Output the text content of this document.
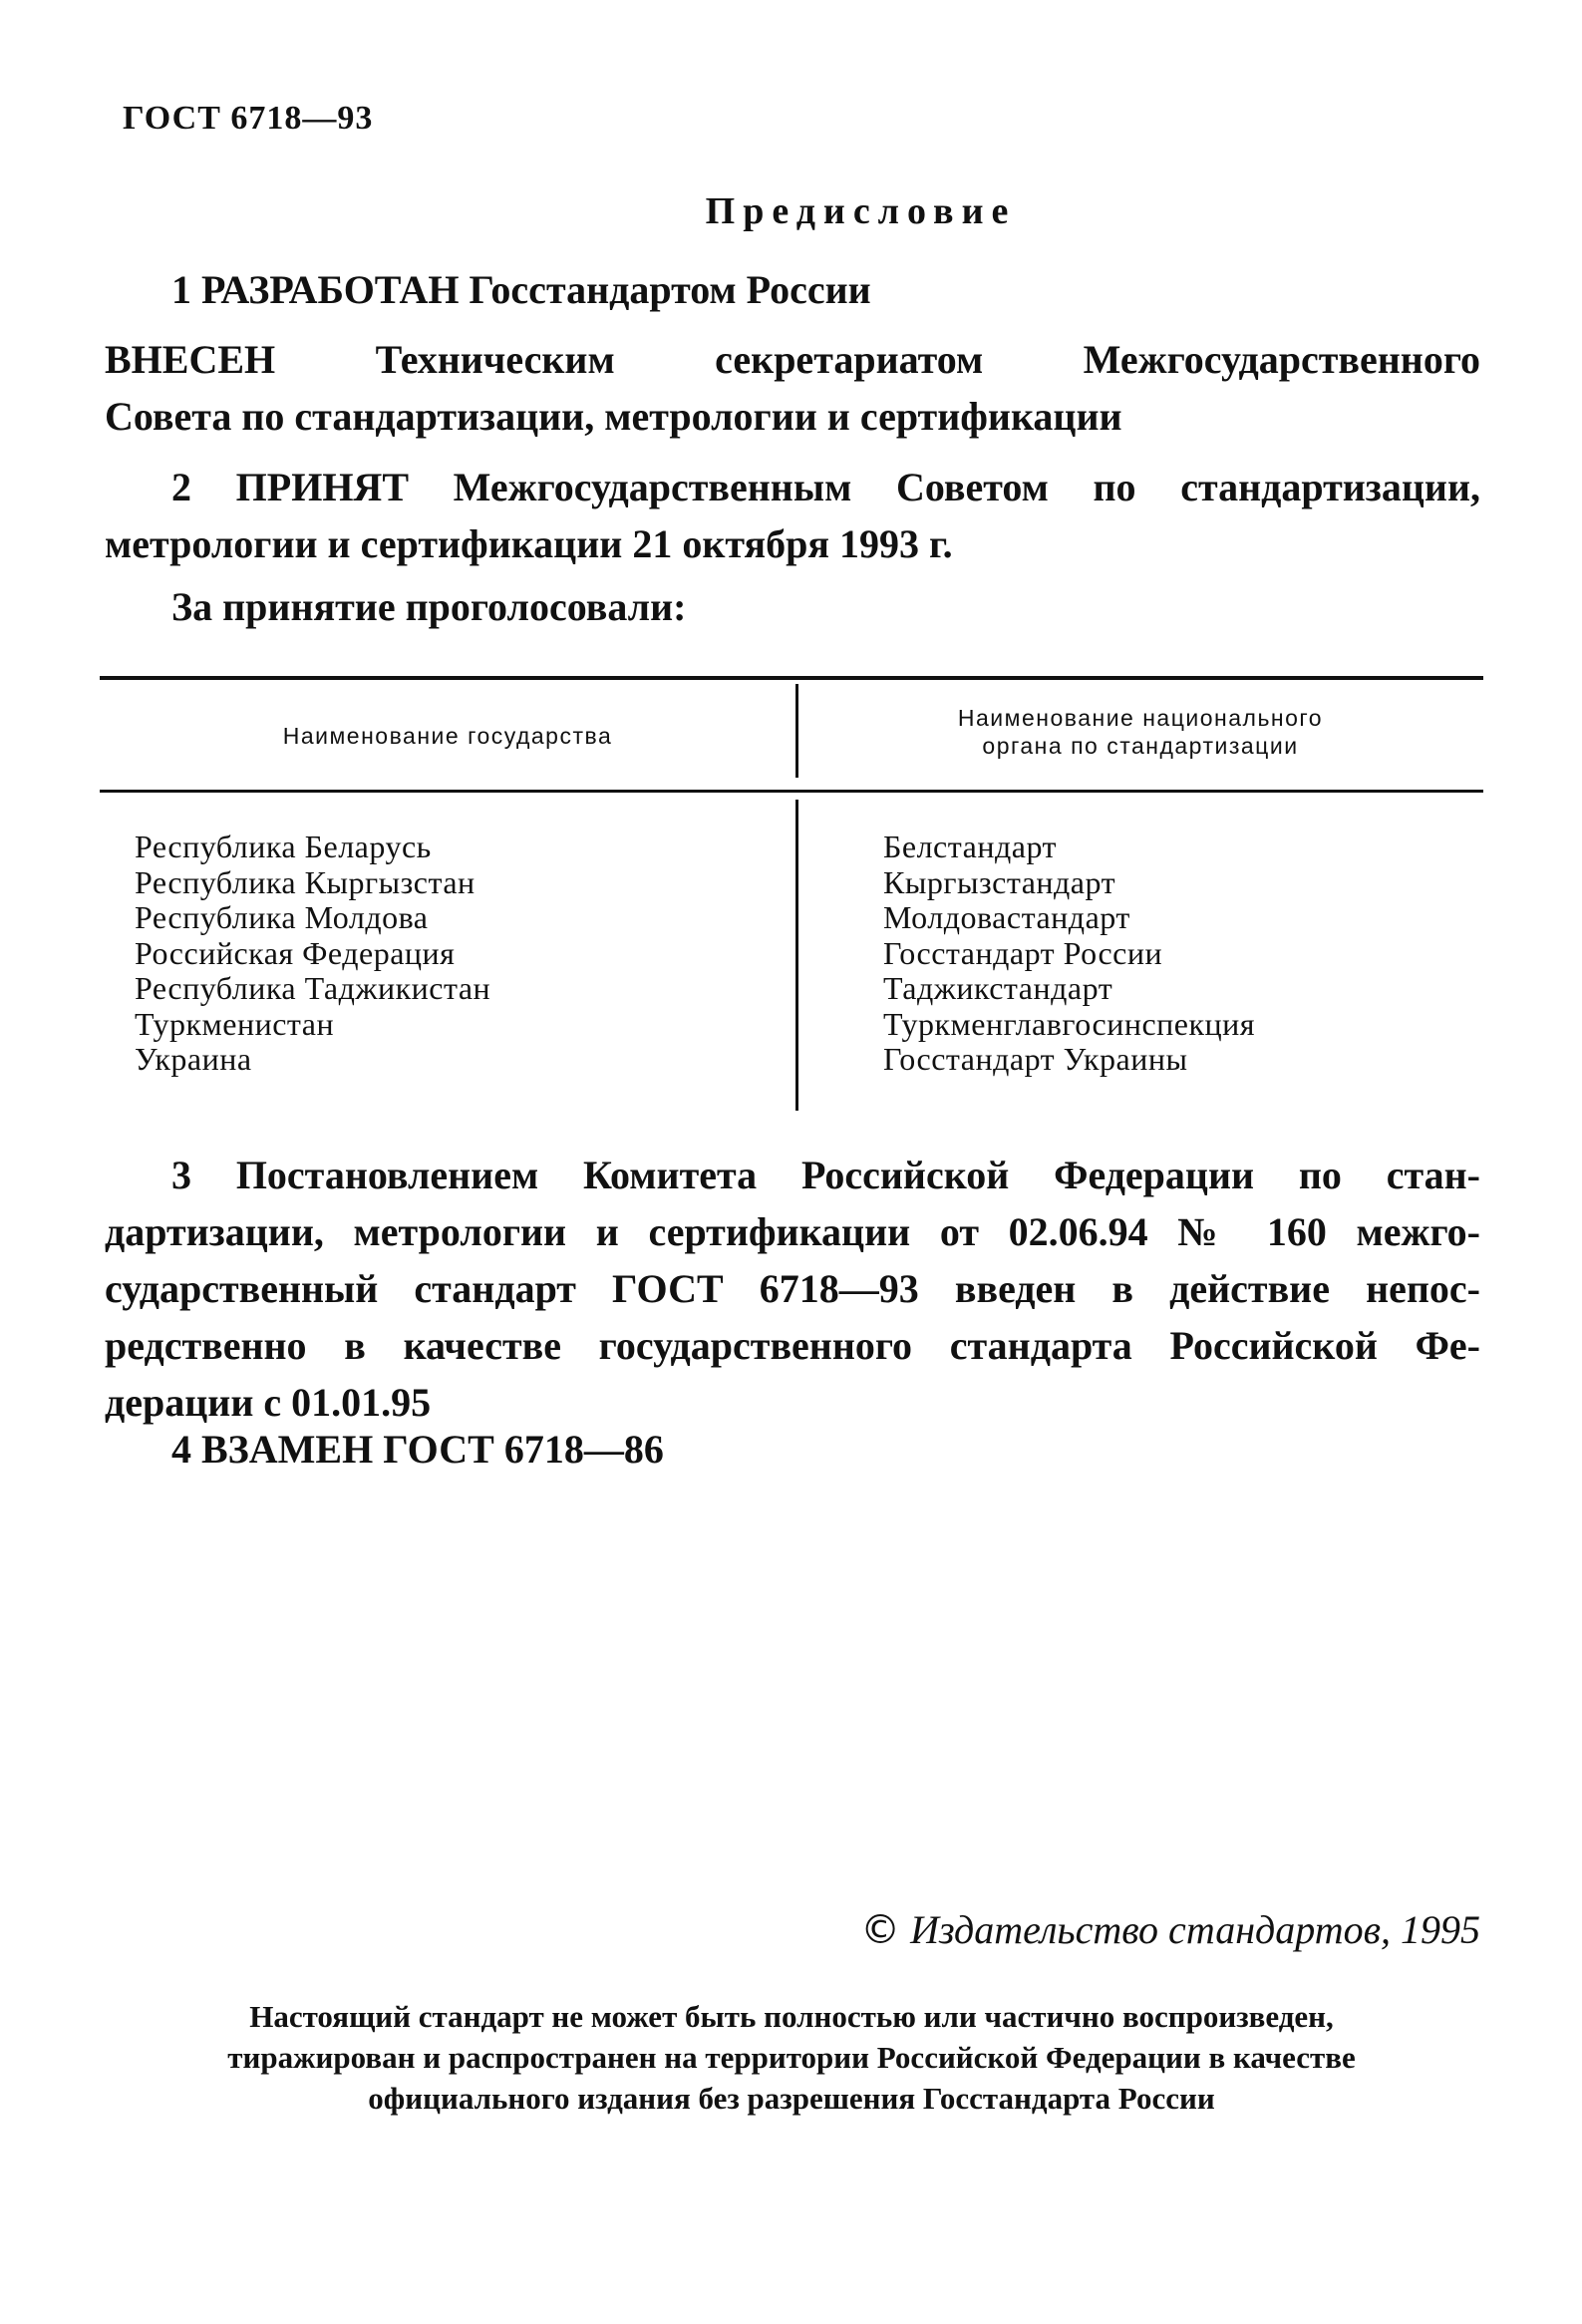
ГОСТ 6718—93
Предисловие
1 РАЗРАБОТАН Госстандартом России
ВНЕСЕН Техническим секретариатом Межгосударственного
Совета по стандартизации, метрологии и сертификации
2 ПРИНЯТ Межгосударственным Советом по стандартизации,
метрологии и сертификации 21 октября 1993 г.
За принятие проголосовали:
Наименование государства
Наименование национального
органа по стандартизации
Республика Беларусь
Республика Кыргызстан
Республика Молдова
Российская Федерация
Республика Таджикистан
Туркменистан
Украина
Белстандарт
Кыргызстандарт
Молдовастандарт
Госстандарт России
Таджикстандарт
Туркменглавгосинспекция
Госстандарт Украины
3 Постановлением Комитета Российской Федерации по стан-
дартизации, метрологии и сертификации от 02.06.94 № 160 межго-
сударственный стандарт ГОСТ 6718—93 введен в действие непос-
редственно в качестве государственного стандарта Российской Фе-
дерации с 01.01.95
4 ВЗАМЕН ГОСТ 6718—86
© Издательство стандартов, 1995
Настоящий стандарт не может быть полностью или частично воспроизведен,
тиражирован и распространен на территории Российской Федерации в качестве
официального издания без разрешения Госстандарта России
